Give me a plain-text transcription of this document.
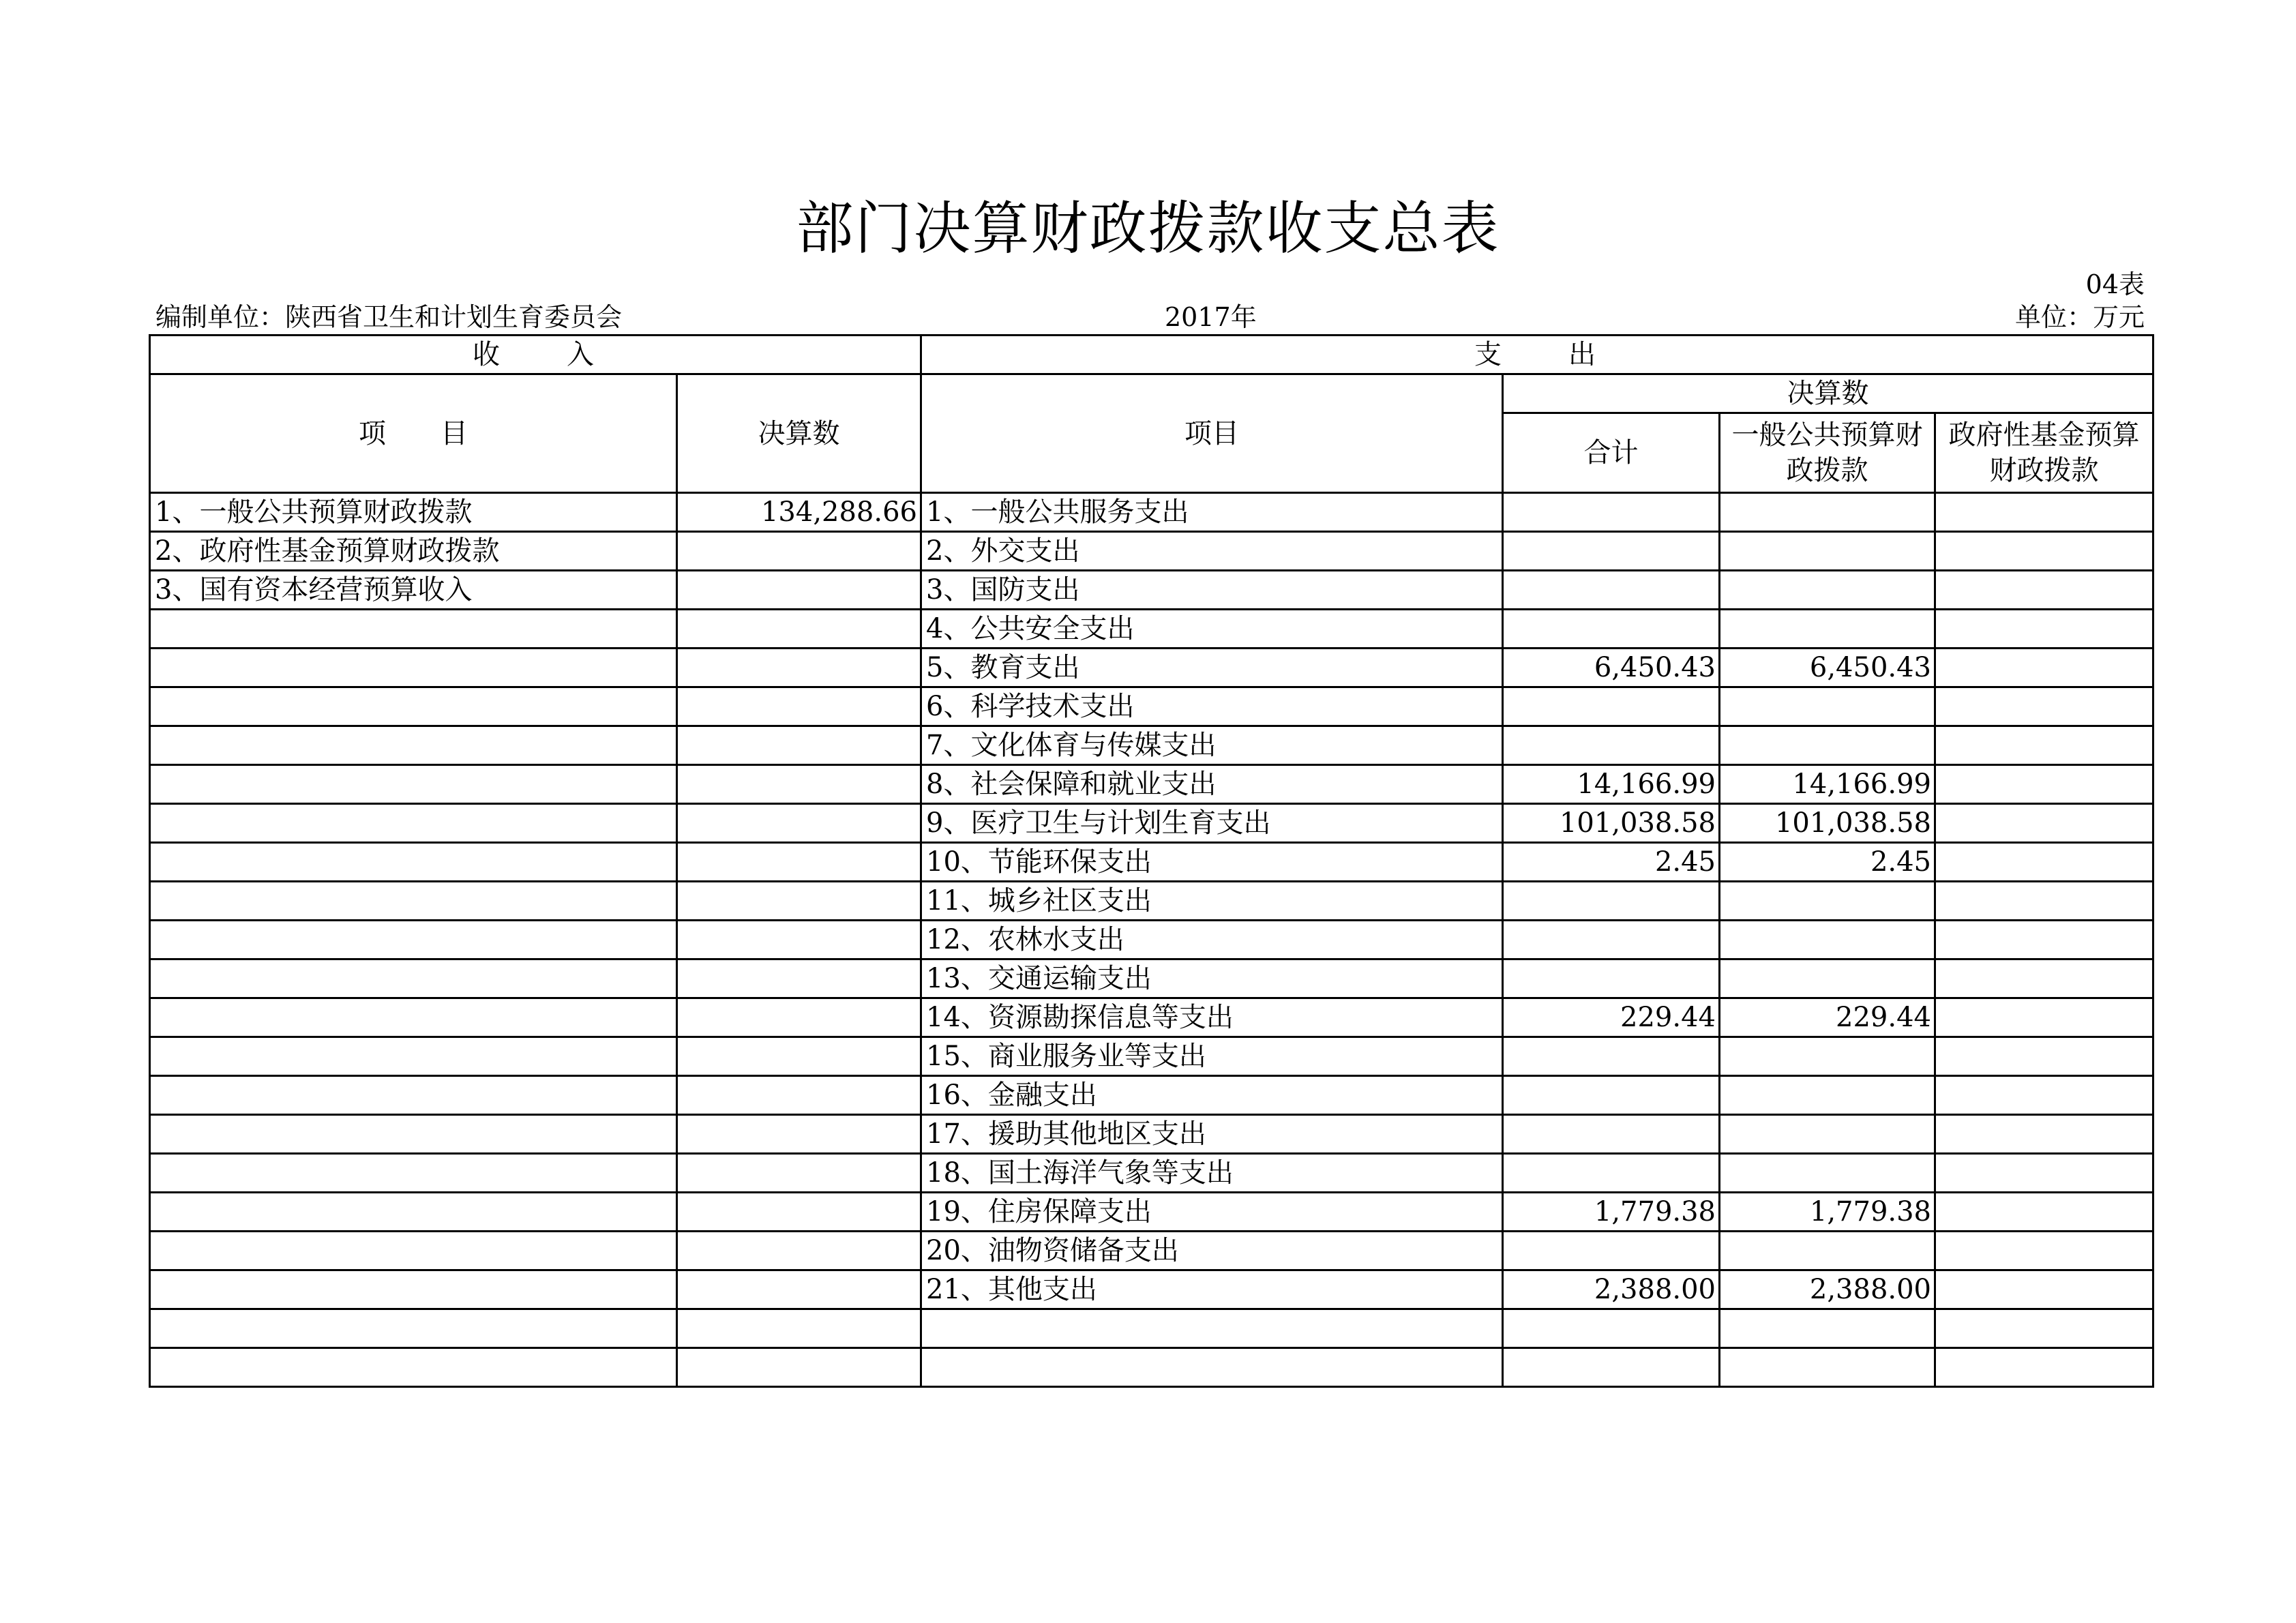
部门决算财政拨款收支总表
04表
编制单位：陕西省卫生和计划生育委员会	2017年	单位：万元
收　　入		支　　出			
项　　目	决算数	项目	决算数		
			合计	一般公共预算财政拨款	政府性基金预算财政拨款
1、一般公共预算财政拨款	134,288.66	1、一般公共服务支出			
2、政府性基金预算财政拨款		2、外交支出			
3、国有资本经营预算收入		3、国防支出			
		4、公共安全支出			
		5、教育支出	6,450.43	6,450.43	
		6、科学技术支出			
		7、文化体育与传媒支出			
		8、社会保障和就业支出	14,166.99	14,166.99	
		9、医疗卫生与计划生育支出	101,038.58	101,038.58	
		10、节能环保支出	2.45	2.45	
		11、城乡社区支出			
		12、农林水支出			
		13、交通运输支出			
		14、资源勘探信息等支出	229.44	229.44	
		15、商业服务业等支出			
		16、金融支出			
		17、援助其他地区支出			
		18、国土海洋气象等支出			
		19、住房保障支出	1,779.38	1,779.38	
		20、油物资储备支出			
		21、其他支出	2,388.00	2,388.00	
